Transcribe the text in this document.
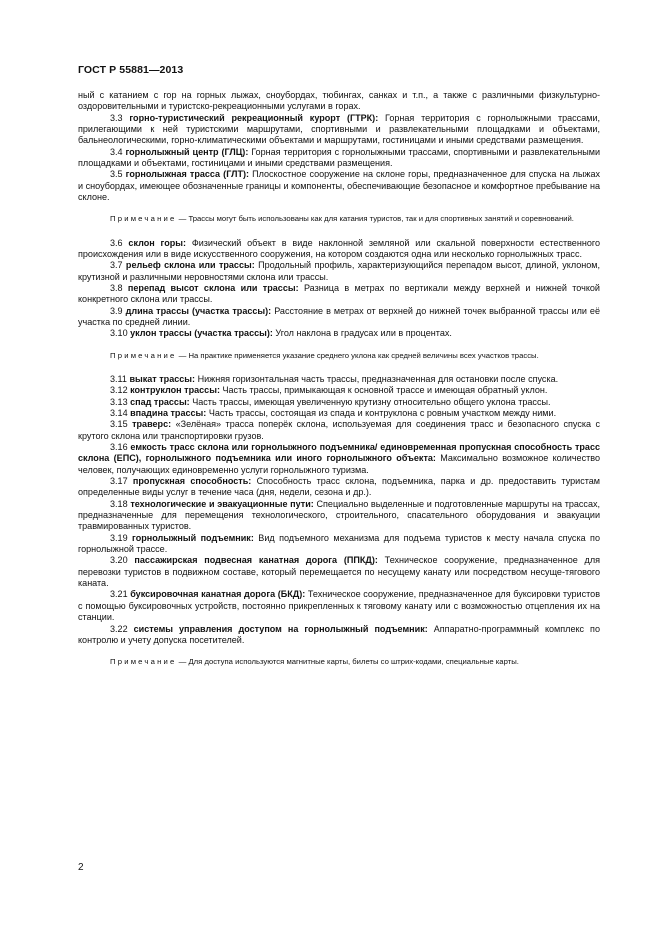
ГОСТ Р 55881—2013

ный с катанием с гор на горных лыжах, сноубордах, тюбингах, санках и т.п., а также с различными физкультурно-оздоровительными и туристско-рекреационными услугами в горах.

3.3 горно-туристический рекреационный курорт (ГТРК): Горная территория с горнолыжными трассами, прилегающими к ней туристскими маршрутами, спортивными и развлекательными площадками и объектами, бальнеологическими, горно-климатическими объектами и маршрутами, гостиницами и иными средствами размещения.

3.4 горнолыжный центр (ГЛЦ): Горная территория с горнолыжными трассами, спортивными и развлекательными площадками и объектами, гостиницами и иными средствами размещения.

3.5 горнолыжная трасса (ГЛТ): Плоскостное сооружение на склоне горы, предназначенное для спуска на лыжах и сноубордах, имеющее обозначенные границы и компоненты, обеспечивающие безопасное и комфортное пребывание на склоне.

Примечание — Трассы могут быть использованы как для катания туристов, так и для спортивных занятий и соревнований.

3.6 склон горы: Физический объект в виде наклонной земляной или скальной поверхности естественного происхождения или в виде искусственного сооружения, на котором создаются одна или несколько горнолыжных трасс.

3.7 рельеф склона или трассы: Продольный профиль, характеризующийся перепадом высот, длиной, уклоном, крутизной и различными неровностями склона или трассы.

3.8 перепад высот склона или трассы: Разница в метрах по вертикали между верхней и нижней точкой конкретного склона или трассы.

3.9 длина трассы (участка трассы): Расстояние в метрах от верхней до нижней точек выбранной трассы или её участка по средней линии.

3.10 уклон трассы (участка трассы): Угол наклона в градусах или в процентах.

Примечание — На практике применяется указание среднего уклона как средней величины всех участков трассы.

3.11 выкат трассы: Нижняя горизонтальная часть трассы, предназначенная для остановки после спуска.

3.12 контруклон трассы: Часть трассы, примыкающая к основной трассе и имеющая обратный уклон.

3.13 спад трассы: Часть трассы, имеющая увеличенную крутизну относительно общего уклона трассы.

3.14 впадина трассы: Часть трассы, состоящая из спада и контруклона с ровным участком между ними.

3.15 траверс: «Зелёная» трасса поперёк склона, используемая для соединения трасс и безопасного спуска с крутого склона или транспортировки грузов.

3.16 емкость трасс склона или горнолыжного подъемника/ единовременная пропускная способность трасс склона (ЕПС), горнолыжного подъемника или иного горнолыжного объекта: Максимально возможное количество человек, получающих единовременно услуги горнолыжного туризма.

3.17 пропускная способность: Способность трасс склона, подъемника, парка и др. предоставить туристам определенные виды услуг в течение часа (дня, недели, сезона и др.).

3.18 технологические и эвакуационные пути: Специально выделенные и подготовленные маршруты на трассах, предназначенные для перемещения технологического, строительного, спасательного оборудования и эвакуации травмированных туристов.

3.19 горнолыжный подъемник: Вид подъемного механизма для подъема туристов к месту начала спуска по горнолыжной трассе.

3.20 пассажирская подвесная канатная дорога (ППКД): Техническое сооружение, предназначенное для перевозки туристов в подвижном составе, который перемещается по несущему канату или посредством несуще-тягового каната.

3.21 буксировочная канатная дорога (БКД): Техническое сооружение, предназначенное для буксировки туристов с помощью буксировочных устройств, постоянно прикрепленных к тяговому канату или с возможностью отцепления их на станции.

3.22 системы управления доступом на горнолыжный подъемник: Аппаратно-программный комплекс по контролю и учету допуска посетителей.

Примечание — Для доступа используются магнитные карты, билеты со штрих-кодами, специальные карты.

2
